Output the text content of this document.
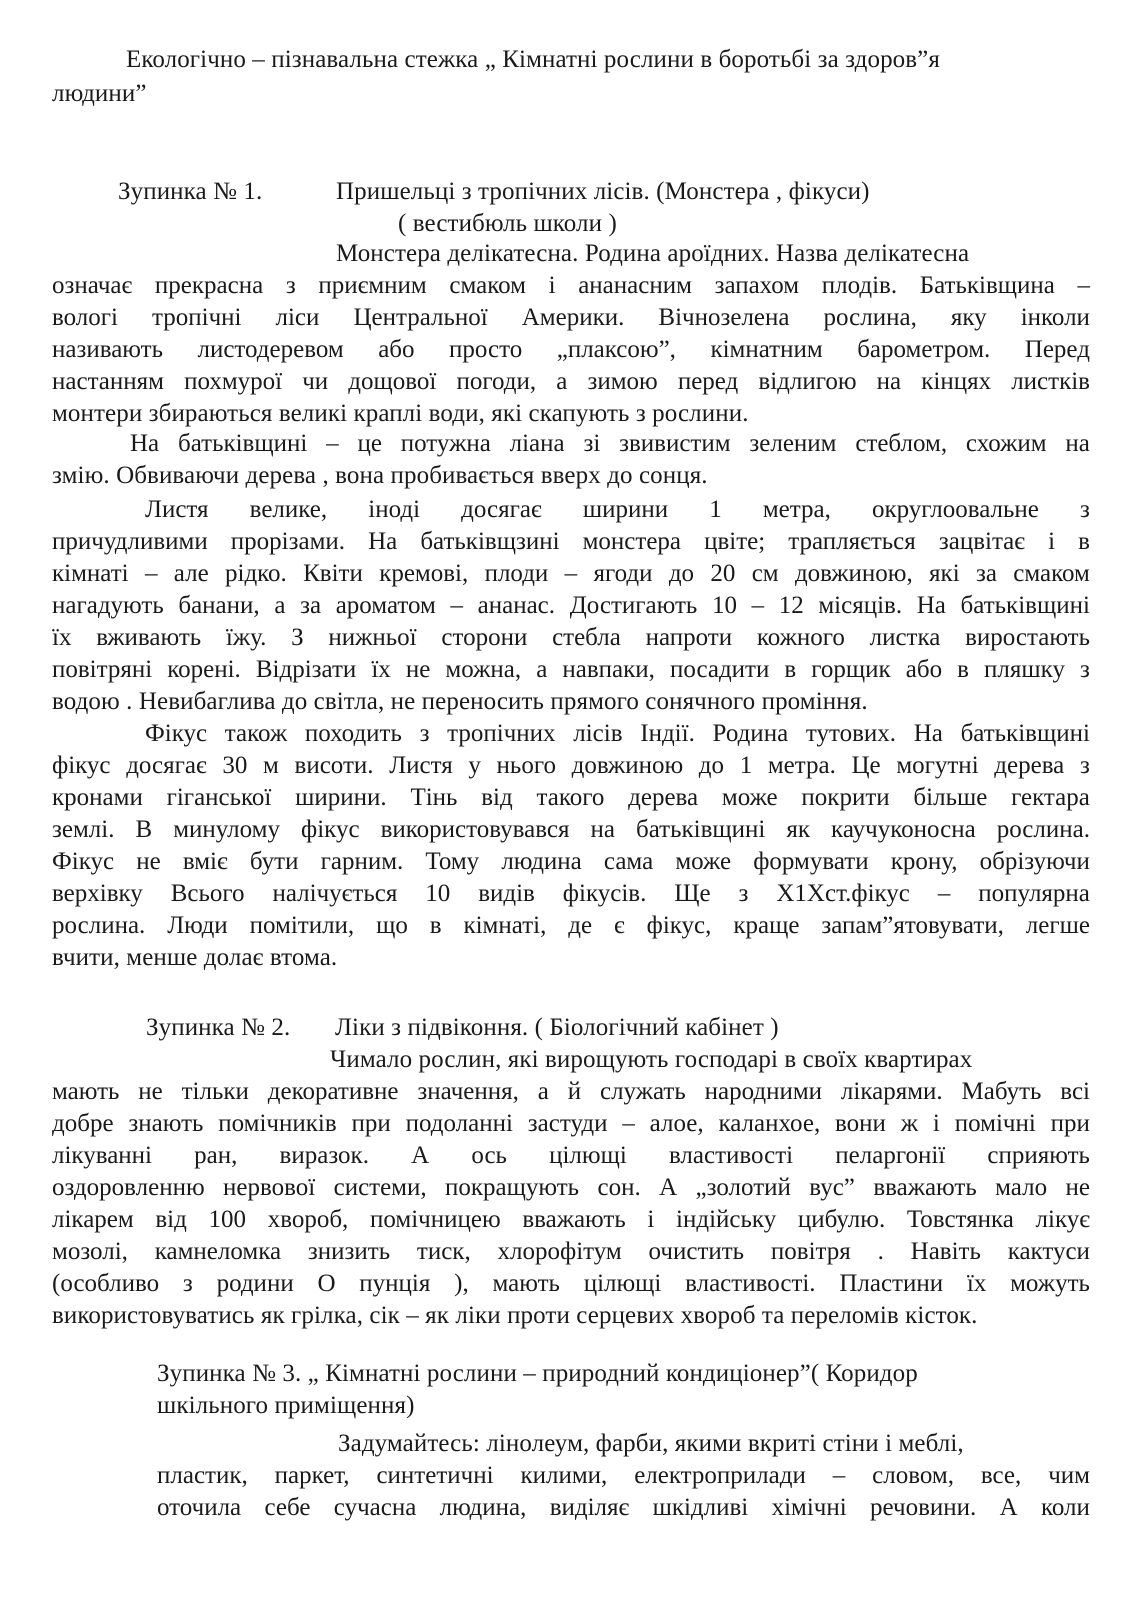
Екологічно – пізнавальна стежка „ Кімнатні рослини в боротьбі за здоров”я
людини”
Зупинка № 1.	Пришельці з тропічних лісів. (Монстера , фікуси)
( вестибюль школи )
Монстера делікатесна. Родина ароїдних. Назва делікатесна
означає прекрасна з приємним смаком і ананасним запахом плодів. Батьківщина –
вологі тропічні ліси Центральної Америки. Вічнозелена рослина, яку інколи
називають листодеревом або просто „плаксою”, кімнатним барометром. Перед
настанням похмурої чи дощової погоди, а зимою перед відлигою на кінцях листків
монтери збираються великі краплі води, які скапують з рослини.
На батьківщині – це потужна ліана зі звивистим зеленим стеблом, схожим на
змію. Обвиваючи дерева , вона пробивається вверх до сонця.
Листя велике, іноді досягає ширини 1 метра, округлоовальне з
причудливими прорізами. На батьківщзині монстера цвіте; трапляється зацвітає і в
кімнаті – але рідко. Квіти кремові, плоди – ягоди до 20 см довжиною, які за смаком
нагадують банани, а за ароматом – ананас. Достигають 10 – 12 місяців. На батьківщині
їх вживають їжу. З нижньої сторони стебла напроти кожного листка виростають
повітряні корені. Відрізати їх не можна, а навпаки, посадити в горщик або в пляшку з
водою . Невибаглива до світла, не переносить прямого сонячного проміння.
Фікус також походить з тропічних лісів Індії. Родина тутових. На батьківщині
фікус досягає 30 м висоти. Листя у нього довжиною до 1 метра. Це могутні дерева з
кронами гіганської ширини. Тінь від такого дерева може покрити більше гектара
землі. В минулому фікус використовувався на батьківщині як каучуконосна рослина.
Фікус не вміє бути гарним. Тому людина сама може формувати крону, обрізуючи
верхівку Всього налічується 10 видів фікусів. Ще з Х1Хст.фікус – популярна
рослина. Люди помітили, що в кімнаті, де є фікус, краще запам”ятовувати, легше
вчити, менше долає втома.
Зупинка № 2. Ліки з підвіконня. ( Біологічний кабінет )
Чимало рослин, які вирощують господарі в своїх квартирах
мають не тільки декоративне значення, а й служать народними лікарями. Мабуть всі
добре знають помічників при подоланні застуди – алое, каланхое, вони ж і помічні при
лікуванні ран, виразок. А ось цілющі властивості пеларгонії сприяють
оздоровленню нервової системи, покращують сон. А „золотий вус” вважають мало не
лікарем від 100 хвороб, помічницею вважають і індійську цибулю. Товстянка лікує
мозолі, камнеломка знизить тиск, хлорофітум очистить повітря . Навіть кактуси
(особливо з родини О пунція ), мають цілющі властивості. Пластини їх можуть
використовуватись як грілка, сік – як ліки проти серцевих хвороб та переломів кісток.
Зупинка № 3. „ Кімнатні рослини – природний кондиціонер”( Коридор
шкільного приміщення)
Задумайтесь: лінолеум, фарби, якими вкриті стіни і меблі,
пластик, паркет, синтетичні килими, електроприлади – словом, все, чим
оточила себе сучасна людина, виділяє шкідливі хімічні речовини. А коли
